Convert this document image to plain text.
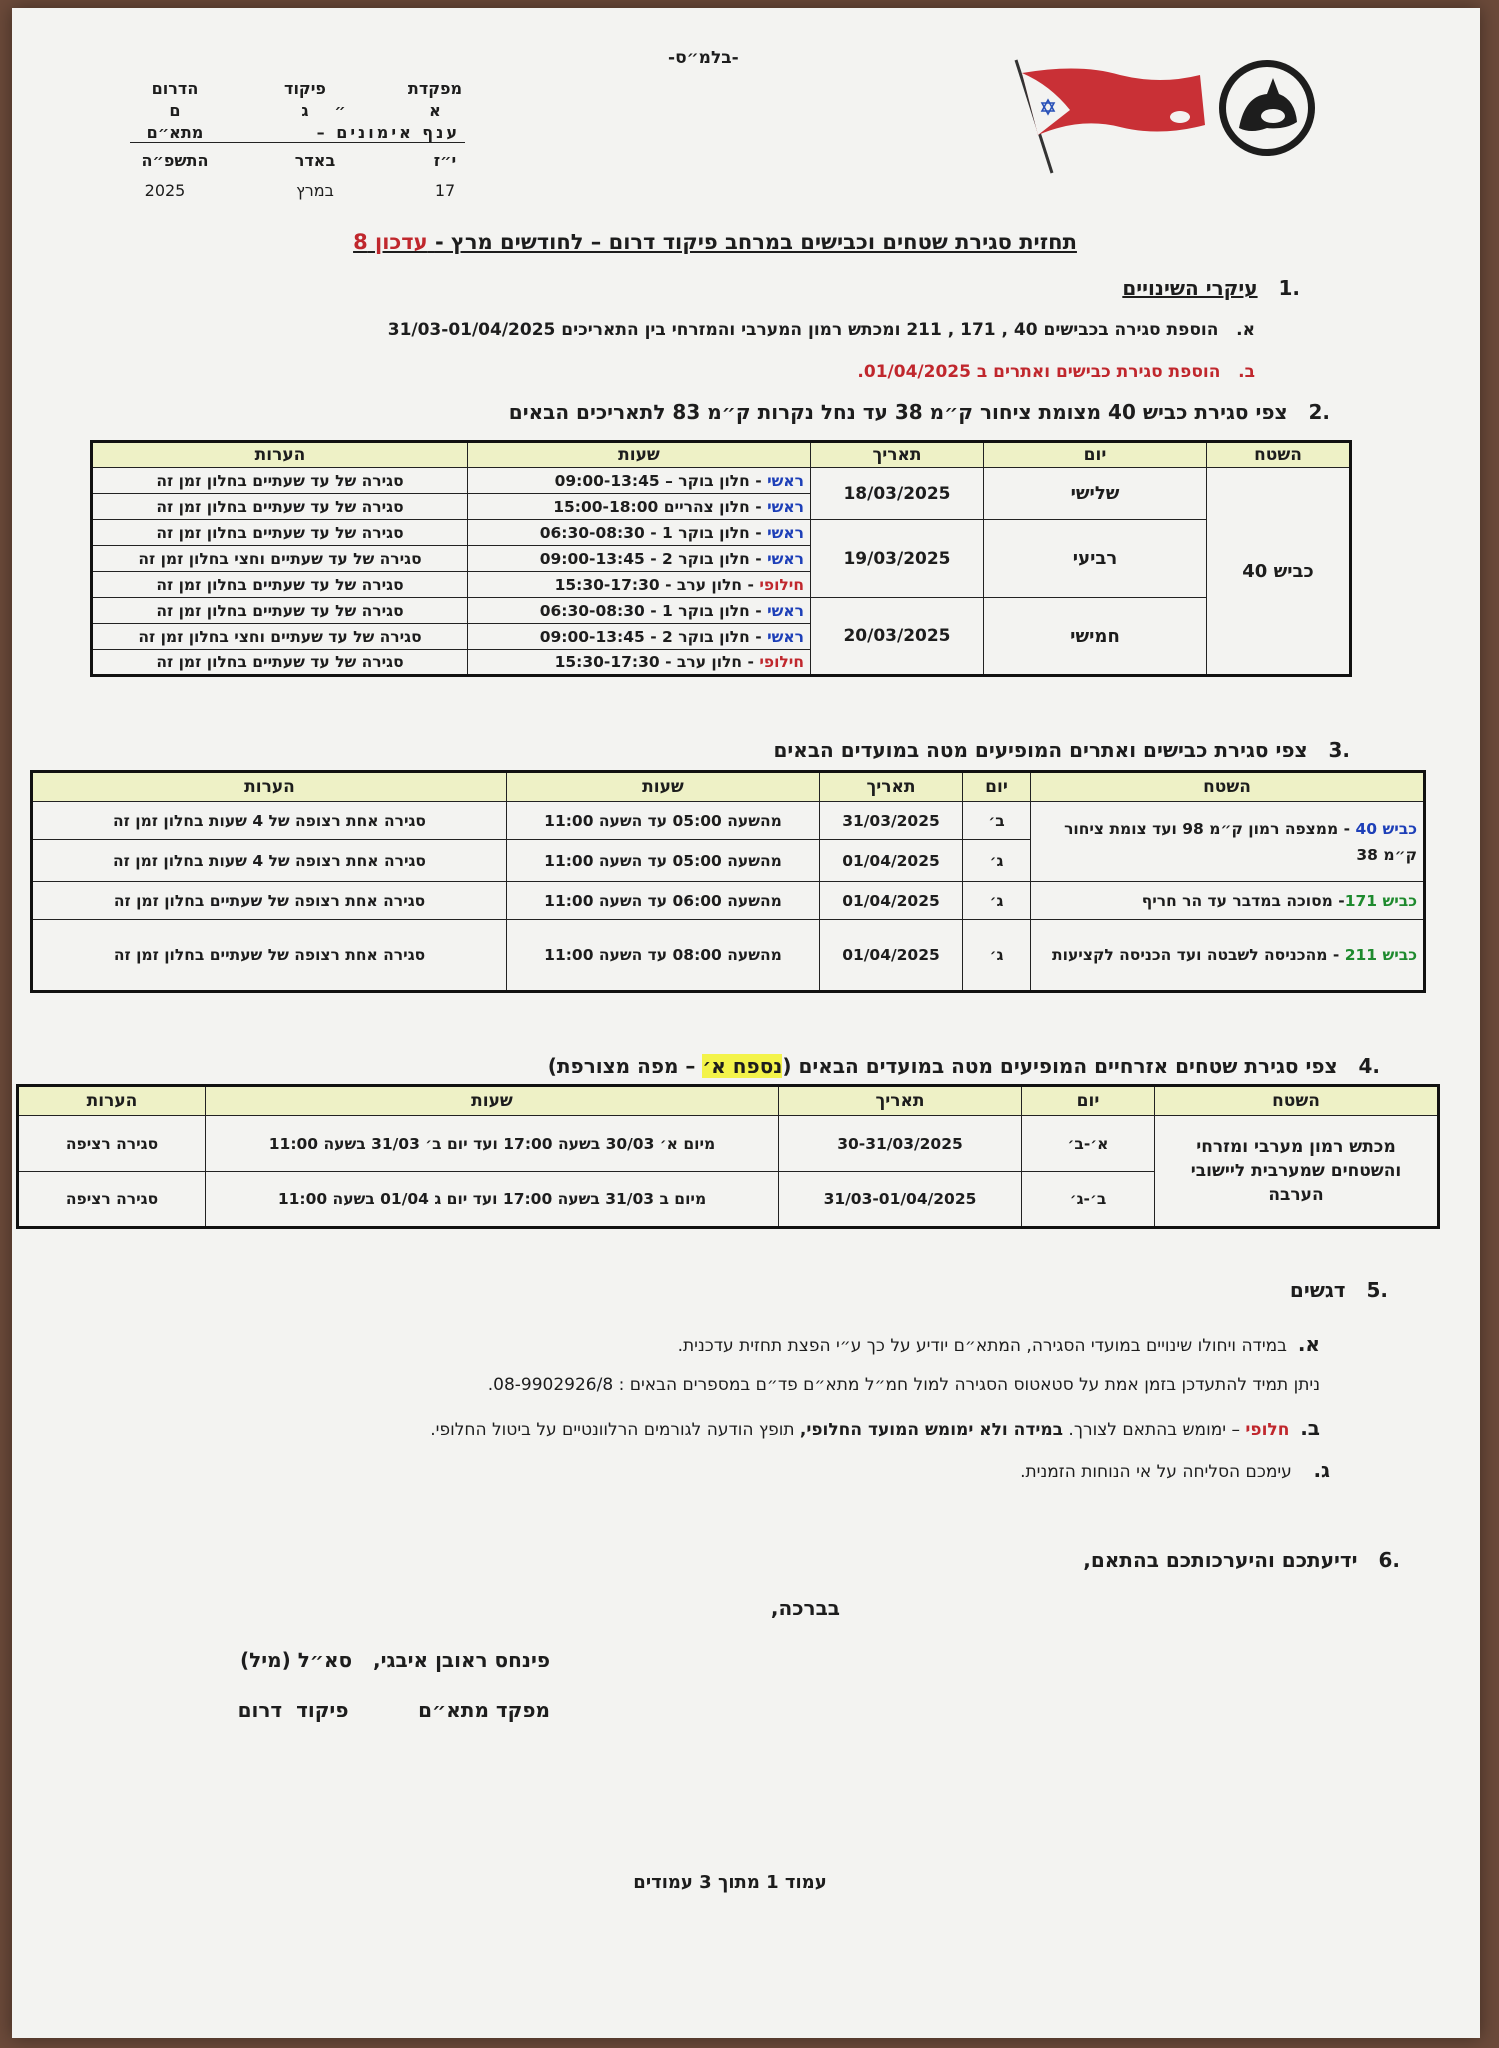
-בלמ״ס-
מפקדת
א
פיקוד
ג	״
הדרום
ם
ענף אימונים –
מתא״ם
י״ז
באדר
התשפ״ה
17
במרץ
2025
תחזית סגירת שטחים וכבישים במרחב פיקוד דרום – לחודשים מרץ - עדכון 8
.1   עיקרי השינויים
א.   הוספת סגירה בכבישים 40 , 171 , 211 ומכתש רמון המערבי והמזרחי בין התאריכים 31/03-01/04/2025
ב.   הוספת סגירת כבישים ואתרים ב 01/04/2025.
.2   צפי סגירת כביש 40 מצומת ציחור ק״מ 38 עד נחל נקרות ק״מ 83 לתאריכים הבאים
השטח	יום	תאריך	שעות	הערות
כביש 40	שלישי	18/03/2025	ראשי - חלון בוקר – 09:00-13:45	סגירה של עד שעתיים בחלון זמן זה
			ראשי - חלון צהריים 15:00-18:00	סגירה של עד שעתיים בחלון זמן זה
	רביעי	19/03/2025	ראשי - חלון בוקר 1 - 06:30-08:30	סגירה של עד שעתיים בחלון זמן זה
			ראשי - חלון בוקר 2 - 09:00-13:45	סגירה של עד שעתיים וחצי בחלון זמן זה
			חילופי - חלון ערב - 15:30-17:30	סגירה של עד שעתיים בחלון זמן זה
	חמישי	20/03/2025	ראשי - חלון בוקר 1 - 06:30-08:30	סגירה של עד שעתיים בחלון זמן זה
			ראשי - חלון בוקר 2 - 09:00-13:45	סגירה של עד שעתיים וחצי בחלון זמן זה
			חילופי - חלון ערב - 15:30-17:30	סגירה של עד שעתיים בחלון זמן זה
.3   צפי סגירת כבישים ואתרים המופיעים מטה במועדים הבאים
השטח	יום	תאריך	שעות	הערות
כביש 40 - ממצפה רמון ק״מ 98 ועד צומת ציחור ק״מ 38	ב׳	31/03/2025	מהשעה 05:00 עד השעה 11:00	סגירה אחת רצופה של 4 שעות בחלון זמן זה
	ג׳	01/04/2025	מהשעה 05:00 עד השעה 11:00	סגירה אחת רצופה של 4 שעות בחלון זמן זה
כביש 171- מסוכה במדבר עד הר חריף	ג׳	01/04/2025	מהשעה 06:00 עד השעה 11:00	סגירה אחת רצופה של שעתיים בחלון זמן זה
כביש 211 - מהכניסה לשבטה ועד הכניסה לקציעות	ג׳	01/04/2025	מהשעה 08:00 עד השעה 11:00	סגירה אחת רצופה של שעתיים בחלון זמן זה
.4   צפי סגירת שטחים אזרחיים המופיעים מטה במועדים הבאים (נספח א׳ – מפה מצורפת)
השטח	יום	תאריך	שעות	הערות
מכתש רמון מערבי ומזרחי והשטחים שמערבית ליישובי הערבה	א׳-ב׳	30-31/03/2025	מיום א׳ 30/03 בשעה 17:00 ועד יום ב׳ 31/03 בשעה 11:00	סגירה רציפה
	ב׳-ג׳	31/03-01/04/2025	מיום ב 31/03 בשעה 17:00 ועד יום ג 01/04 בשעה 11:00	סגירה רציפה
.5   דגשים
א.  במידה ויחולו שינויים במועדי הסגירה, המתא״ם יודיע על כך ע״י הפצת תחזית עדכנית.
ניתן תמיד להתעדכן בזמן אמת על סטאטוס הסגירה למול חמ״ל מתא״ם פד״ם במספרים הבאים : 08-9902926/8.
ב.  חלופי – ימומש בהתאם לצורך. במידה ולא ימומש המועד החלופי, תופץ הודעה לגורמים הרלוונטיים על ביטול החלופי.
ג.    עימכם הסליחה על אי הנוחות הזמנית.
.6   ידיעתכם והיערכותכם בהתאם,
בברכה,
פינחס ראובן איבגי,   סא״ל (מיל)
מפקד מתא״ם          פיקוד  דרום
עמוד 1 מתוך 3 עמודים
